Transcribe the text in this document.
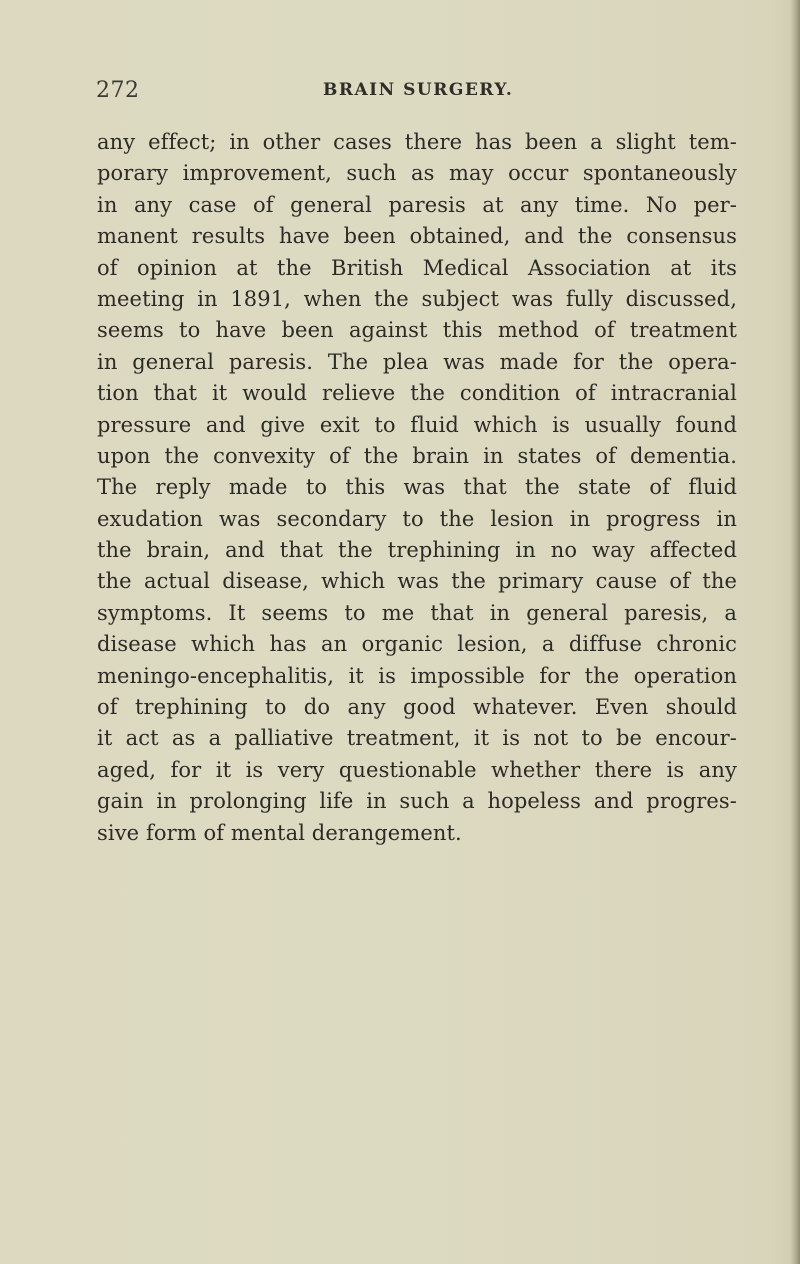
272	BRAIN SURGERY.
any effect; in other cases there has been a slight tem-
porary improvement, such as may occur spontaneously
in any case of general paresis at any time. No per-
manent results have been obtained, and the consensus
of opinion at the British Medical Association at its
meeting in 1891, when the subject was fully discussed,
seems to have been against this method of treatment
in general paresis. The plea was made for the opera-
tion that it would relieve the condition of intracranial
pressure and give exit to fluid which is usually found
upon the convexity of the brain in states of dementia.
The reply made to this was that the state of fluid
exudation was secondary to the lesion in progress in
the brain, and that the trephining in no way affected
the actual disease, which was the primary cause of the
symptoms. It seems to me that in general paresis, a
disease which has an organic lesion, a diffuse chronic
meningo-encephalitis, it is impossible for the operation
of trephining to do any good whatever. Even should
it act as a palliative treatment, it is not to be encour-
aged, for it is very questionable whether there is any
gain in prolonging life in such a hopeless and progres-
sive form of mental derangement.
